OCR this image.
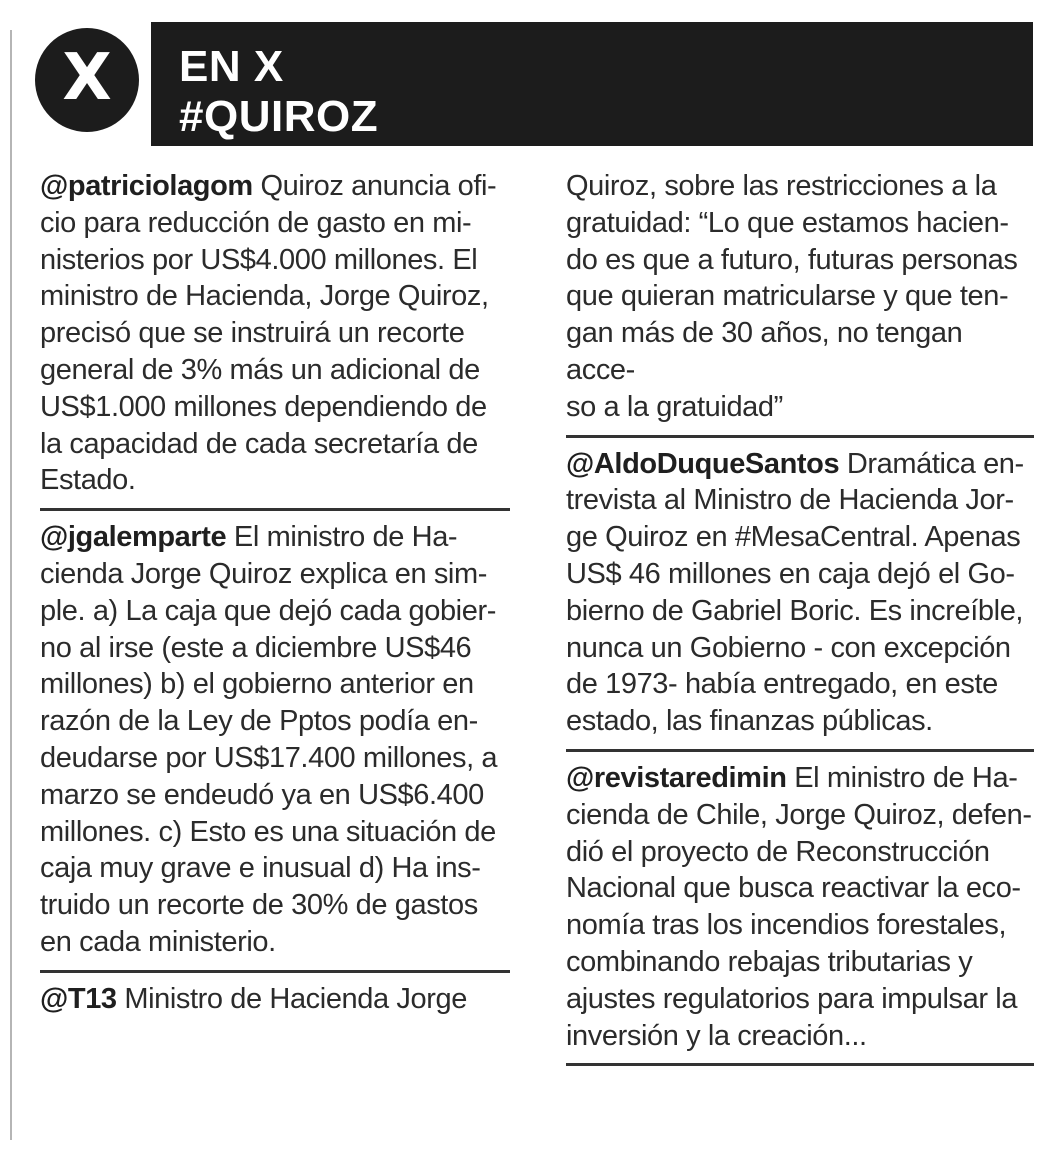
X EN X
#QUIROZ
@patriciolagom Quiroz anuncia ofi-
cio para reducción de gasto en mi-
nisterios por US$4.000 millones. El
ministro de Hacienda, Jorge Quiroz,
precisó que se instruirá un recorte
general de 3% más un adicional de
US$1.000 millones dependiendo de
la capacidad de cada secretaría de
Estado.
@jgalemparte El ministro de Ha-
cienda Jorge Quiroz explica en sim-
ple. a) La caja que dejó cada gobier-
no al irse (este a diciembre US$46
millones) b) el gobierno anterior en
razón de la Ley de Pptos podía en-
deudarse por US$17.400 millones, a
marzo se endeudó ya en US$6.400
millones. c) Esto es una situación de
caja muy grave e inusual d) Ha ins-
truido un recorte de 30% de gastos
en cada ministerio.
@T13 Ministro de Hacienda Jorge
Quiroz, sobre las restricciones a la
gratuidad: “Lo que estamos hacien-
do es que a futuro, futuras personas
que quieran matricularse y que ten-
gan más de 30 años, no tengan acce-
so a la gratuidad”
@AldoDuqueSantos Dramática en-
trevista al Ministro de Hacienda Jor-
ge Quiroz en #MesaCentral. Apenas
US$ 46 millones en caja dejó el Go-
bierno de Gabriel Boric. Es increíble,
nunca un Gobierno - con excepción
de 1973- había entregado, en este
estado, las finanzas públicas.
@revistaredimin El ministro de Ha-
cienda de Chile, Jorge Quiroz, defen-
dió el proyecto de Reconstrucción
Nacional que busca reactivar la eco-
nomía tras los incendios forestales,
combinando rebajas tributarias y
ajustes regulatorios para impulsar la
inversión y la creación...
